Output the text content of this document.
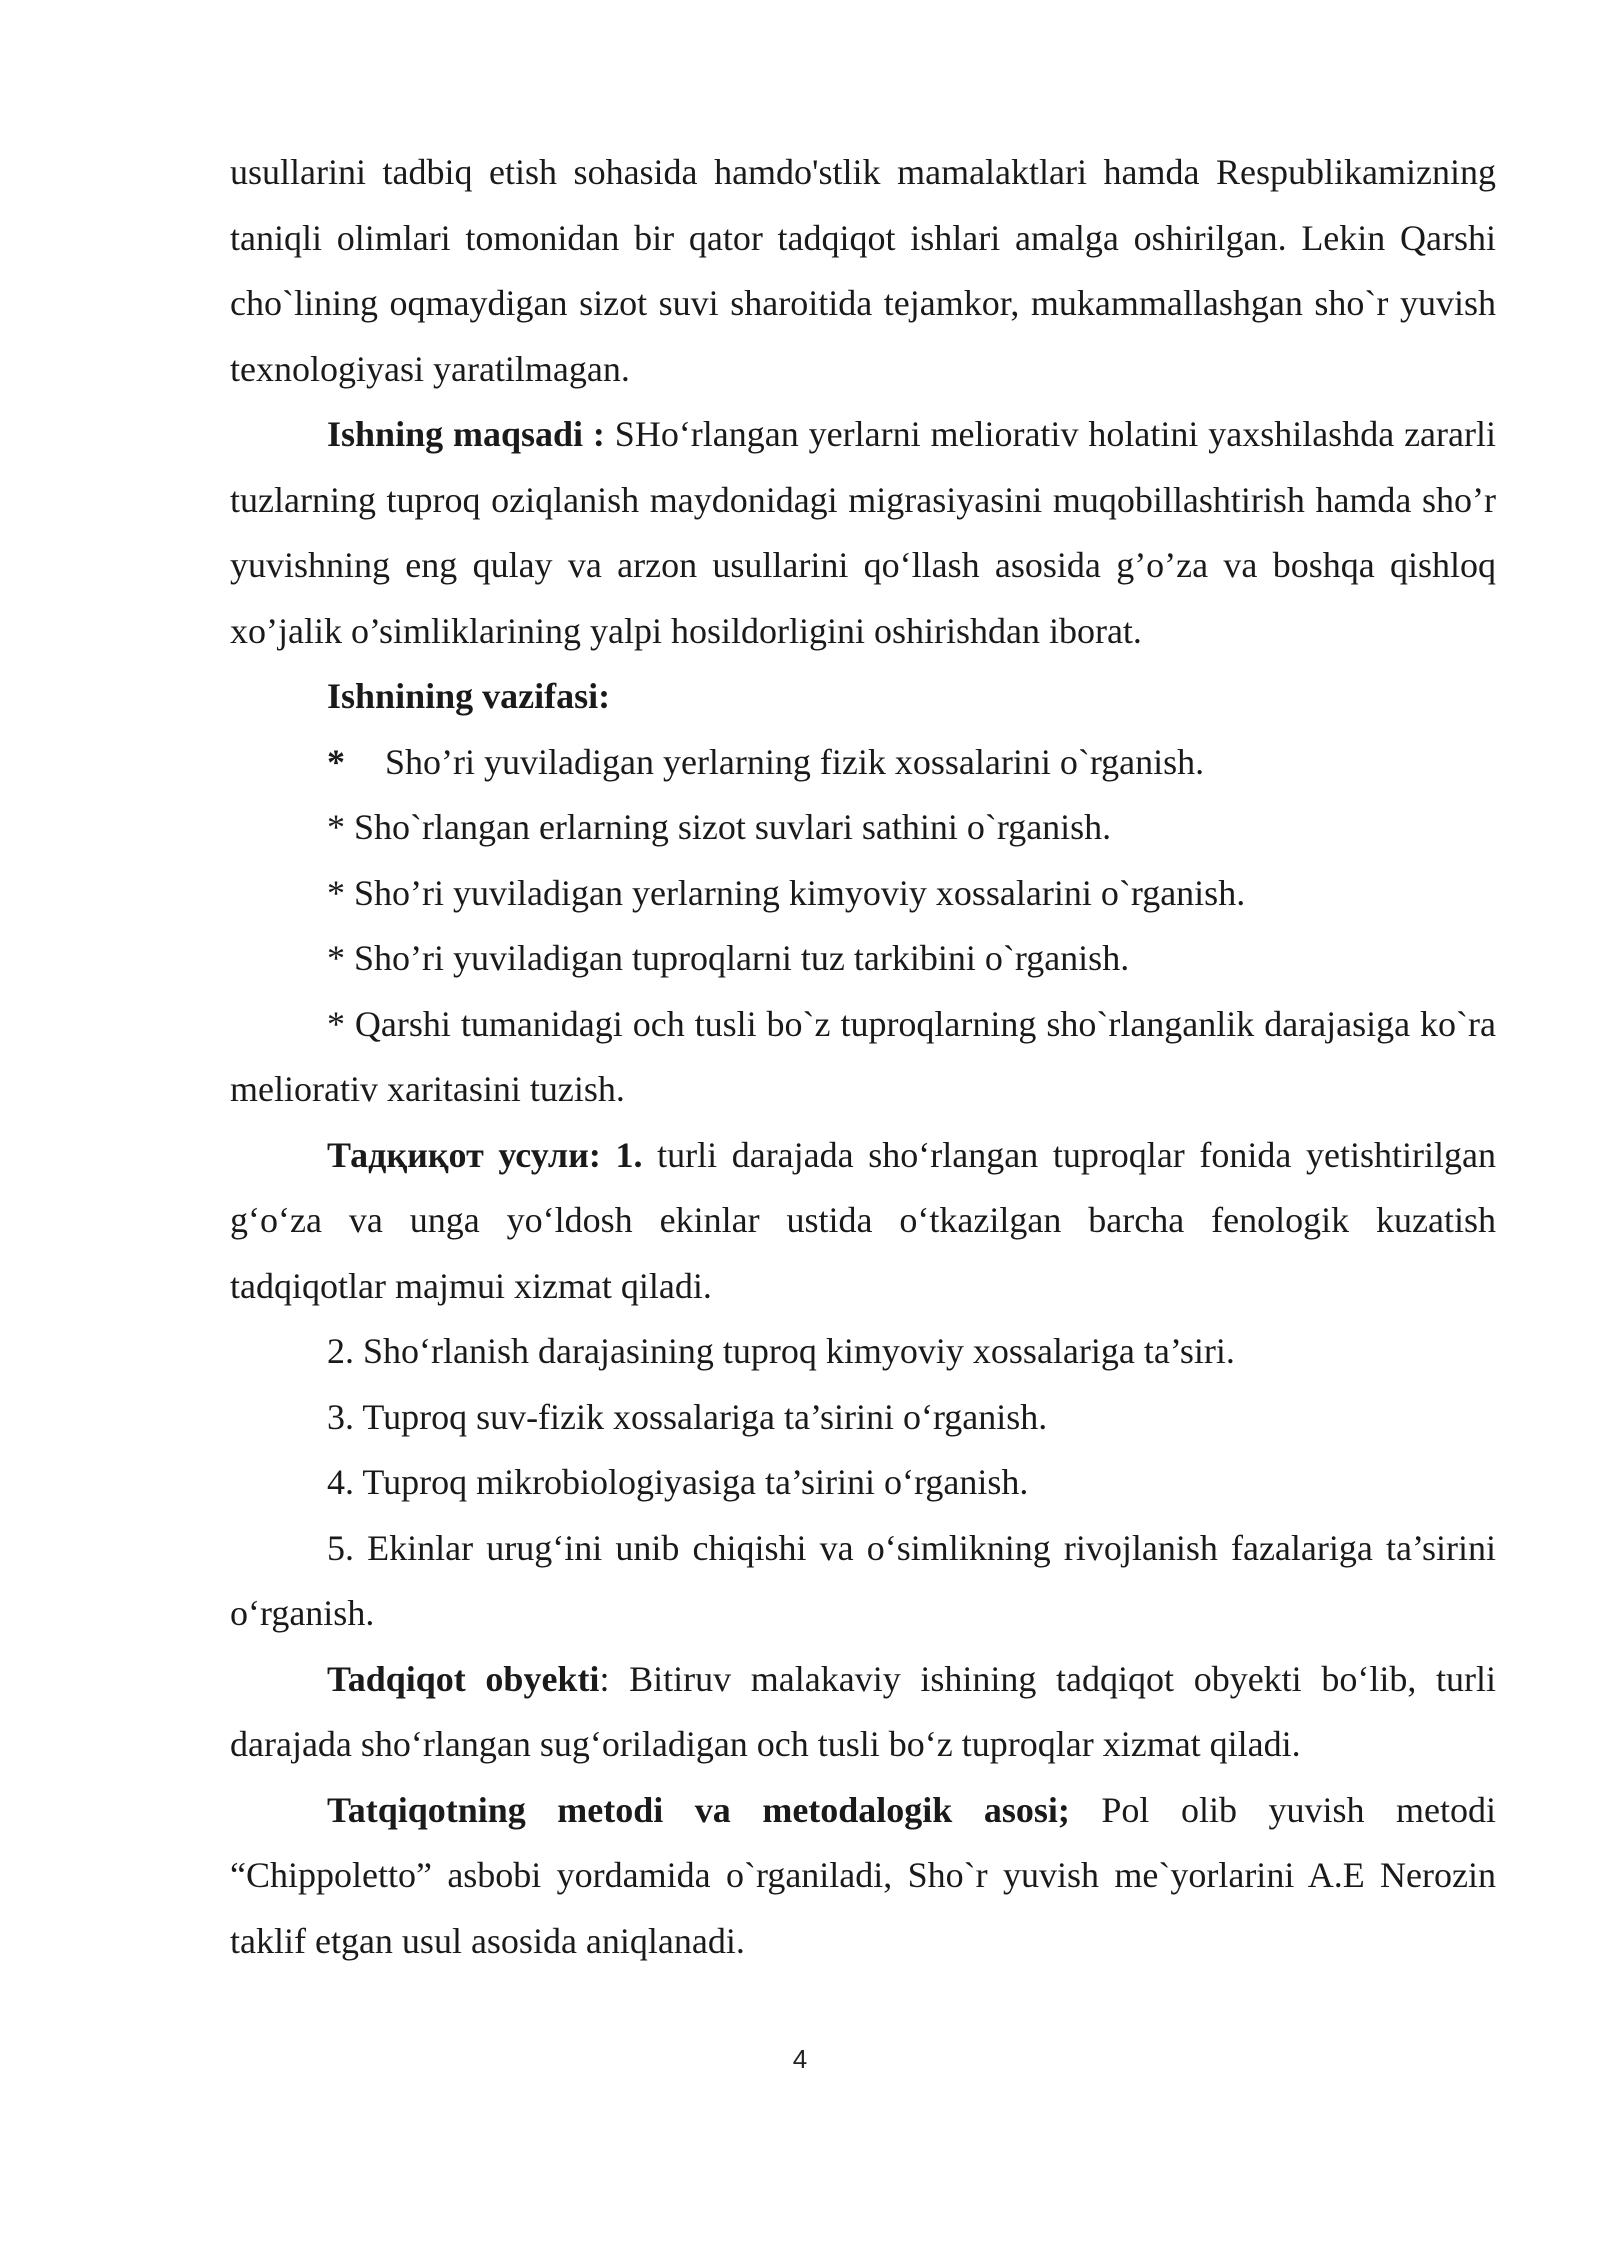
usullarini tadbiq etish sohasida hamdo'stlik mamalaktlari hamda Respublikamizning taniqli olimlari tomonidan bir qator tadqiqot ishlari amalga oshirilgan. Lekin Qarshi cho`lining oqmaydigan sizot suvi sharoitida tejamkor, mukammallashgan sho`r yuvish texnologiyasi yaratilmagan.

Ishning maqsadi : SHo‘rlangan yerlarni meliorativ holatini yaxshilashda zararli tuzlarning tuproq oziqlanish maydonidagi migrasiyasini muqobillashtirish hamda sho’r yuvishning eng qulay va arzon usullarini qo‘llash asosida g’o’za va boshqa qishloq xo’jalik o’simliklarining yalpi hosildorligini oshirishdan iborat.

Ishnining vazifasi:

* Sho’ri yuviladigan yerlarning fizik xossalarini o`rganish.

* Sho`rlangan erlarning sizot suvlari sathini o`rganish.

* Sho’ri yuviladigan yerlarning kimyoviy xossalarini o`rganish.

* Sho’ri yuviladigan tuproqlarni tuz tarkibini o`rganish.

* Qarshi tumanidagi och tusli bo`z tuproqlarning sho`rlanganlik darajasiga ko`ra meliorativ xaritasini tuzish.

Тадқиқот усули: 1. turli darajada sho‘rlangan tuproqlar fonida yetishtirilgan g‘o‘za va unga yo‘ldosh ekinlar ustida o‘tkazilgan barcha fenologik kuzatish tadqiqotlar majmui xizmat qiladi.

2. Sho‘rlanish darajasining tuproq kimyoviy xossalariga ta’siri.

3. Tuproq suv-fizik xossalariga ta’sirini o‘rganish.

4. Tuproq mikrobiologiyasiga ta’sirini o‘rganish.

5. Ekinlar urug‘ini unib chiqishi va o‘simlikning rivojlanish fazalariga ta’sirini o‘rganish.

Tadqiqot obyekti: Bitiruv malakaviy ishining tadqiqot obyekti bo‘lib, turli darajada sho‘rlangan sug‘oriladigan och tusli bo‘z tuproqlar xizmat qiladi.

Tatqiqotning metodi va metodalogik asosi; Pol olib yuvish metodi “Chippoletto” asbobi yordamida o`rganiladi, Sho`r yuvish me`yorlarini A.E Nerozin taklif etgan usul asosida aniqlanadi.

4
